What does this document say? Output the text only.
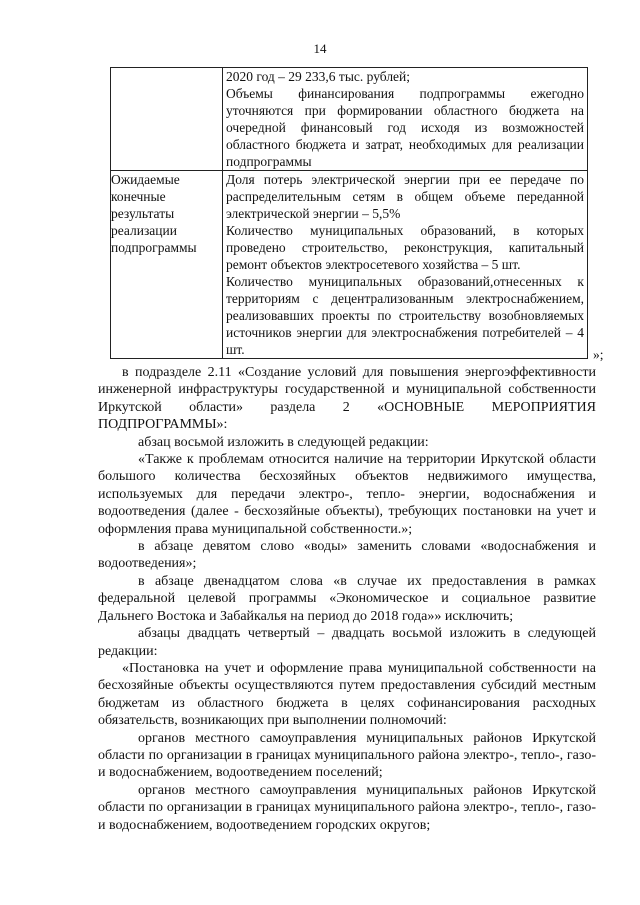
14

	2020 год – 29 233,6 тыс. рублей;

Объемы финансирования подпрограммы ежегодно уточняются при формировании областного бюджета на очередной финансовый год исходя из возможностей областного бюджета и затрат, необходимых для реализации подпрограммы

Ожидаемые конечные результаты реализации подпрограммы	Доля потерь электрической энергии при ее передаче по распределительным сетям в общем объеме переданной электрической энергии – 5,5%

Количество муниципальных образований, в которых проведено строительство, реконструкция, капитальный ремонт объектов электросетевого хозяйства – 5 шт.

Количество муниципальных образований,отнесенных к территориям с децентрализованным электроснабжением, реализовавших проекты по строительству возобновляемых источников энергии для электроснабжения потребителей – 4 шт.	»;

в подразделе 2.11 «Создание условий для повышения энергоэффективности инженерной инфраструктуры государственной и муниципальной собственности Иркутской области» раздела 2 «ОСНОВНЫЕ МЕРОПРИЯТИЯ ПОДПРОГРАММЫ»:

абзац восьмой изложить в следующей редакции:

«Также к проблемам относится наличие на территории Иркутской области большого количества бесхозяйных объектов недвижимого имущества, используемых для передачи электро-, тепло- энергии, водоснабжения и водоотведения (далее - бесхозяйные объекты), требующих постановки на учет и оформления права муниципальной собственности.»;

в абзаце девятом слово «воды» заменить словами «водоснабжения и водоотведения»;

в абзаце двенадцатом слова «в случае их предоставления в рамках федеральной целевой программы «Экономическое и социальное развитие Дальнего Востока и Забайкалья на период до 2018 года»» исключить;

абзацы двадцать четвертый – двадцать восьмой изложить в следующей редакции:

«Постановка на учет и оформление права муниципальной собственности на бесхозяйные объекты осуществляются путем предоставления субсидий местным бюджетам из областного бюджета в целях софинансирования расходных обязательств, возникающих при выполнении полномочий:

органов местного самоуправления муниципальных районов Иркутской области по организации в границах муниципального района электро-, тепло-, газо- и водоснабжением, водоотведением поселений;

органов местного самоуправления муниципальных районов Иркутской области по организации в границах муниципального района электро-, тепло-, газо- и водоснабжением, водоотведением городских округов;
